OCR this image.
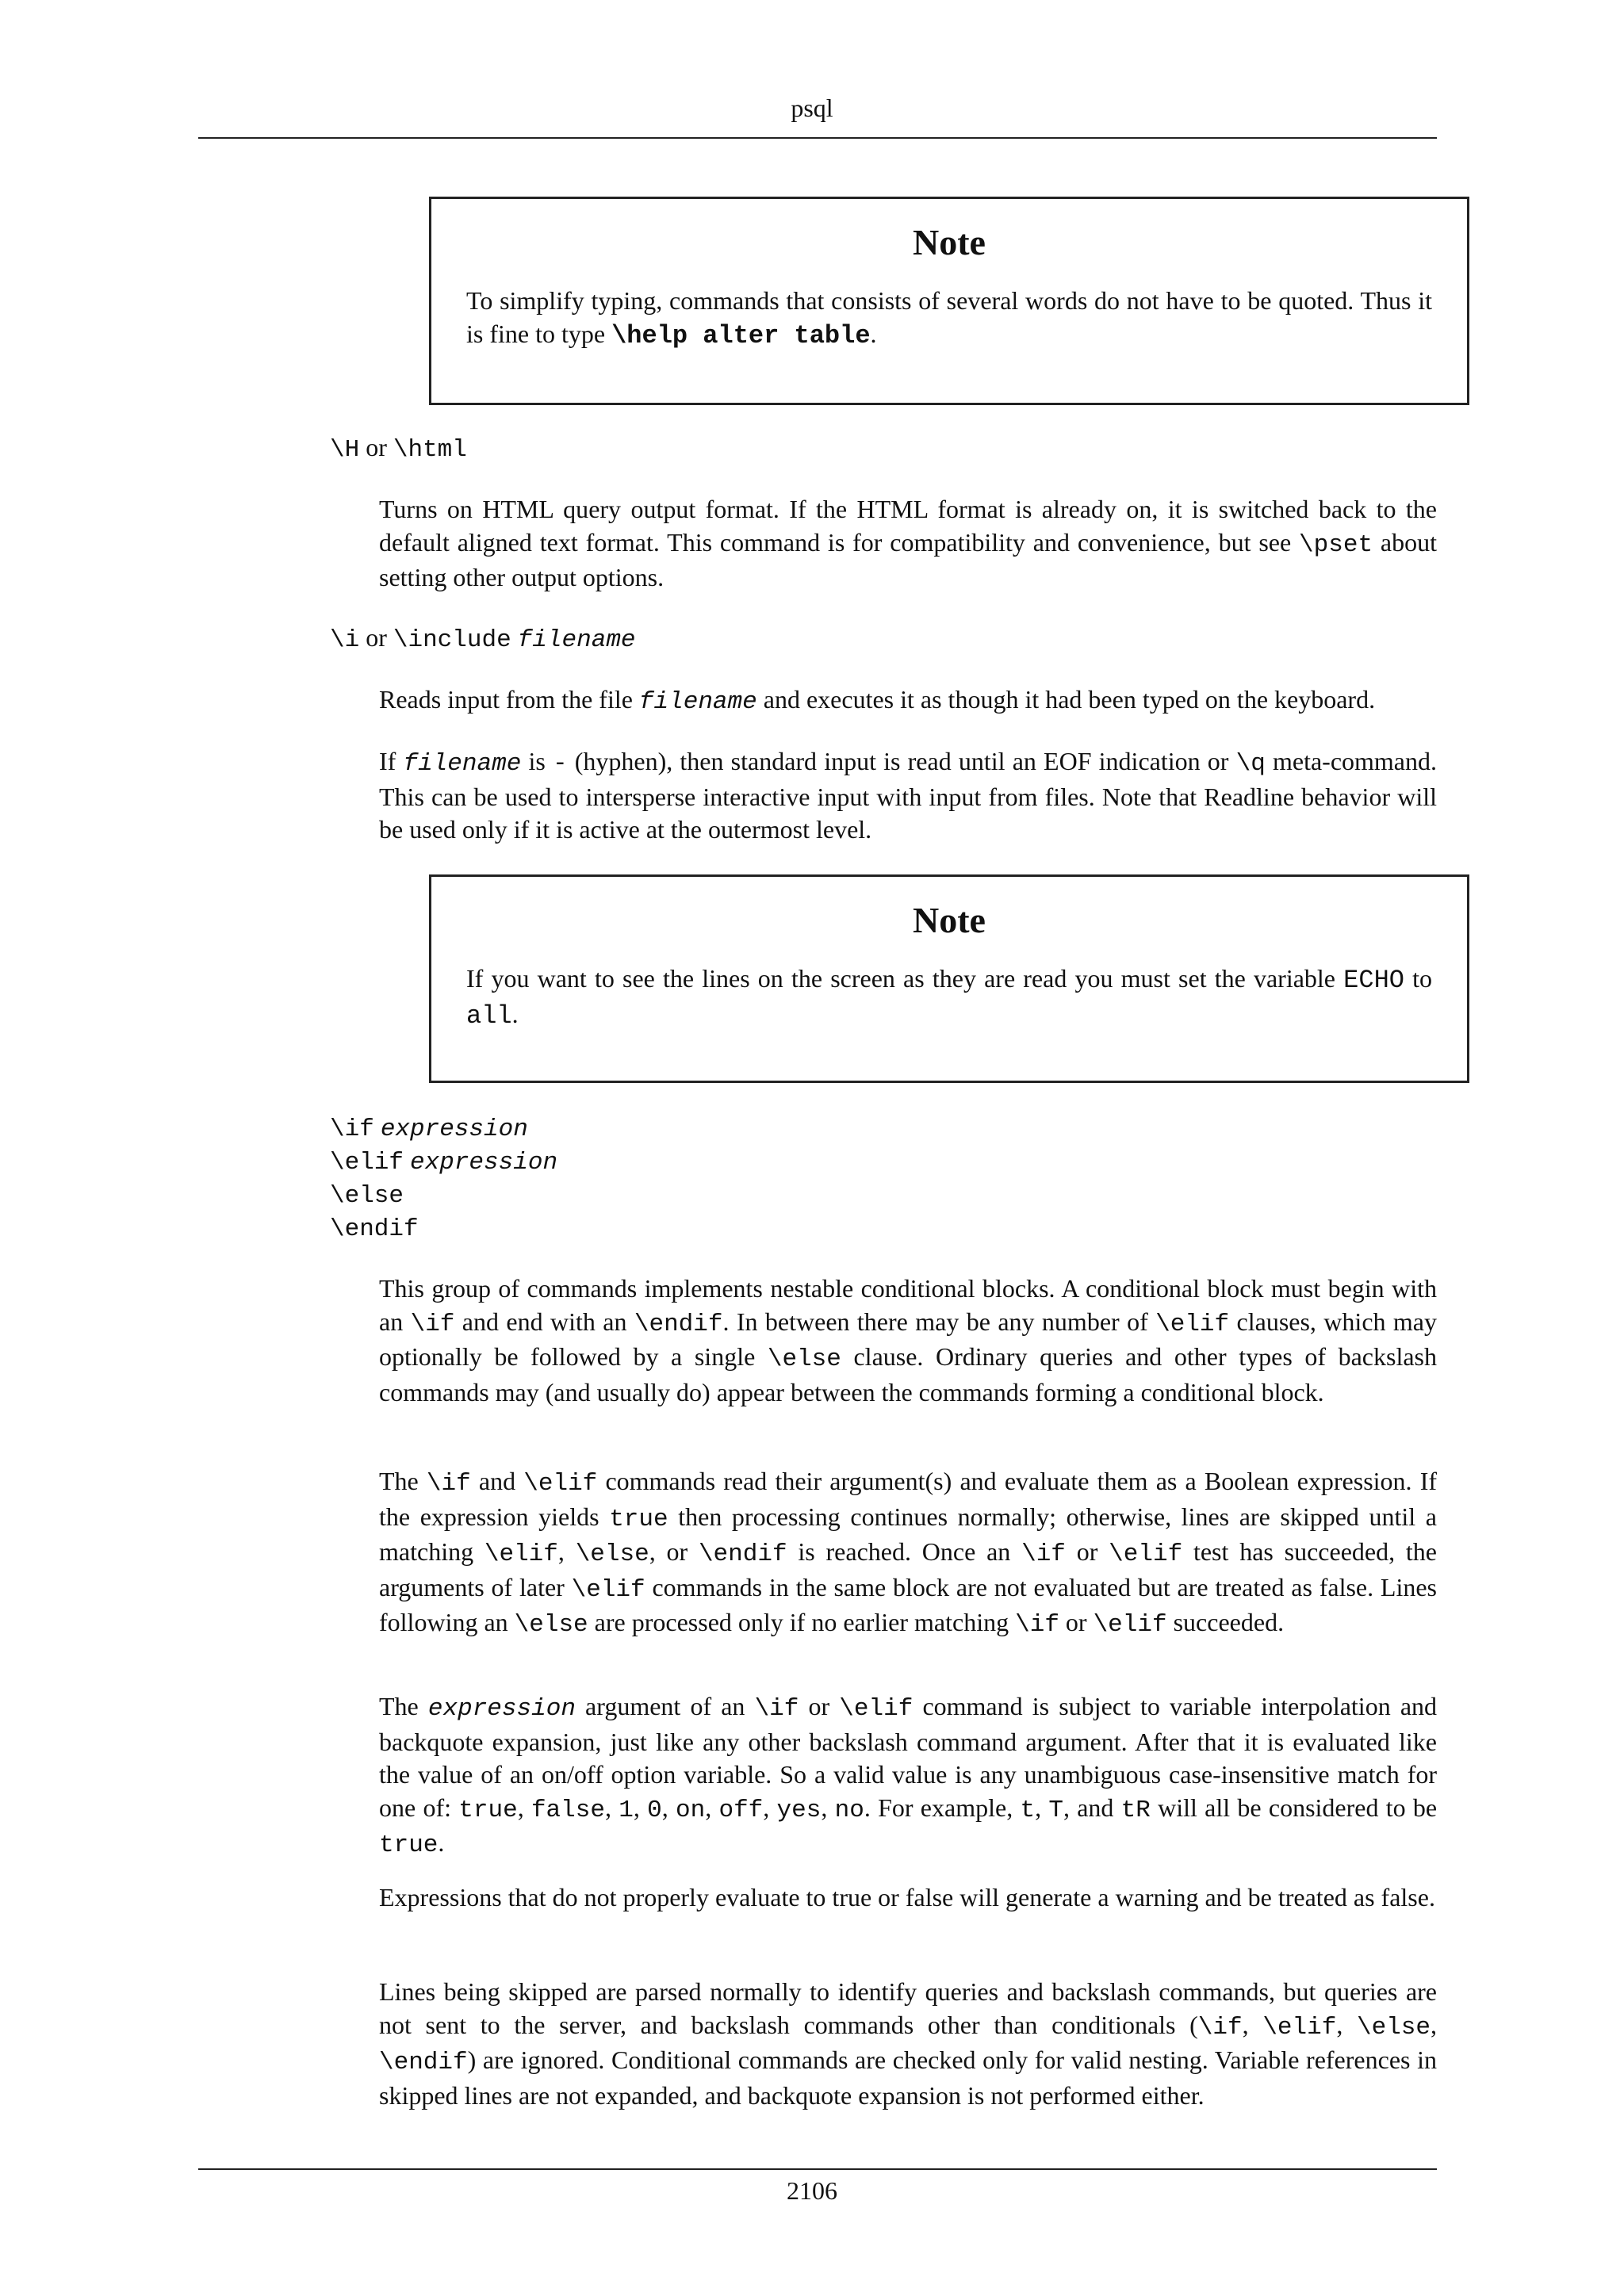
psql
Note

To simplify typing, commands that consists of several words do not have to be quoted. Thus it is fine to type \help alter table.

\H or \html

Turns on HTML query output format. If the HTML format is already on, it is switched back to the default aligned text format. This command is for compatibility and convenience, but see \pset about setting other output options.

\i or \include filename

Reads input from the file filename and executes it as though it had been typed on the keyboard.

If filename is - (hyphen), then standard input is read until an EOF indication or \q meta-command. This can be used to intersperse interactive input with input from files. Note that Readline behavior will be used only if it is active at the outermost level.

Note

If you want to see the lines on the screen as they are read you must set the variable ECHO to all.

\if expression
\elif expression
\else
\endif

This group of commands implements nestable conditional blocks. A conditional block must begin with an \if and end with an \endif. In between there may be any number of \elif clauses, which may optionally be followed by a single \else clause. Ordinary queries and other types of backslash commands may (and usually do) appear between the commands forming a conditional block.

The \if and \elif commands read their argument(s) and evaluate them as a Boolean expression. If the expression yields true then processing continues normally; otherwise, lines are skipped until a matching \elif, \else, or \endif is reached. Once an \if or \elif test has succeeded, the arguments of later \elif commands in the same block are not evaluated but are treated as false. Lines following an \else are processed only if no earlier matching \if or \elif succeeded.

The expression argument of an \if or \elif command is subject to variable interpolation and backquote expansion, just like any other backslash command argument. After that it is evaluated like the value of an on/off option variable. So a valid value is any unambiguous case-insensitive match for one of: true, false, 1, 0, on, off, yes, no. For example, t, T, and tR will all be considered to be true.

Expressions that do not properly evaluate to true or false will generate a warning and be treated as false.

Lines being skipped are parsed normally to identify queries and backslash commands, but queries are not sent to the server, and backslash commands other than conditionals (\if, \elif, \else, \endif) are ignored. Conditional commands are checked only for valid nesting. Variable references in skipped lines are not expanded, and backquote expansion is not performed either.

2106
